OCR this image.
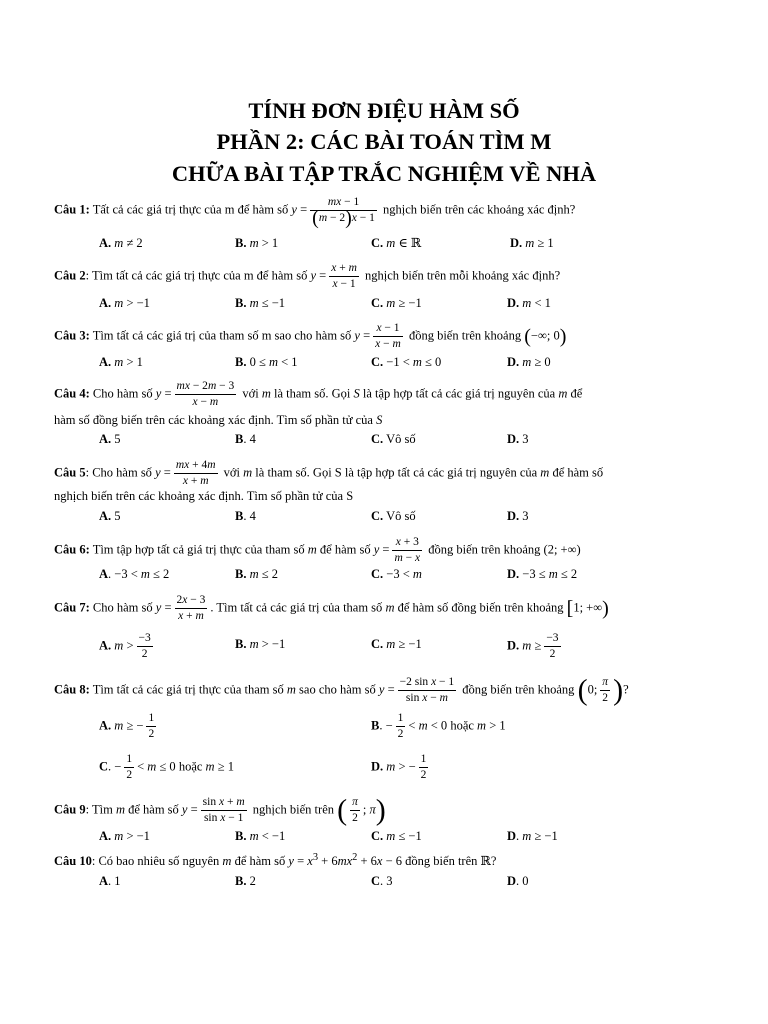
TÍNH ĐƠN ĐIỆU HÀM SỐ
PHẦN 2: CÁC BÀI TOÁN TÌM M
CHỮA BÀI TẬP TRẮC NGHIỆM VỀ NHÀ
Câu 1: Tất cả các giá trị thực của m để hàm số $y = \frac{mx - 1}{(m - 2)x - 1}$ nghịch biến trên các khoảng xác định?
A. m ≠ 2	B. m > 1	C. m ∈ ℝ	D. m ≥ 1
Câu 2: Tìm tất cả các giá trị thực của m để hàm số $y = \frac{x + m}{x - 1}$ nghịch biến trên mỗi khoảng xác định?
A. m > −1	B. m ≤ −1	C. m ≥ −1	D. m < 1
Câu 3: Tìm tất cả các giá trị của tham số m sao cho hàm số $y = \frac{x - 1}{x - m}$ đồng biến trên khoảng (−∞; 0)
A. m > 1	B. 0 ≤ m < 1	C. −1 < m ≤ 0	D. m ≥ 0
Câu 4: Cho hàm số $y = \frac{mx - 2m - 3}{x - m}$ với m là tham số. Gọi S là tập hợp tất cả các giá trị nguyên của m để
hàm số đồng biến trên các khoảng xác định. Tìm số phần tử của S
A. 5	B. 4	C. Vô số	D. 3
Câu 5: Cho hàm số $y = \frac{mx + 4m}{x + m}$ với m là tham số. Gọi S là tập hợp tất cả các giá trị nguyên của m để hàm số
nghịch biến trên các khoảng xác định. Tìm số phần tử của S
A. 5	B. 4	C. Vô số	D. 3
Câu 6: Tìm tập hợp tất cả giá trị thực của tham số m để hàm số $y = \frac{x + 3}{m - x}$ đồng biến trên khoảng (2; +∞)
A. −3 < m ≤ 2	B. m ≤ 2	C. −3 < m	D. −3 ≤ m ≤ 2
Câu 7: Cho hàm số $y = \frac{2x - 3}{x + m}$ . Tìm tất cả các giá trị của tham số m để hàm số đồng biến trên khoảng [1; +∞)
A. $m > \frac{-3}{2}$	B. m > −1	C. m ≥ −1	D. $m \ge \frac{-3}{2}$
Câu 8: Tìm tất cả các giá trị thực của tham số m sao cho hàm số $y = \frac{\text{−2 sin x − 1}}{\text{sin x − m}}$ đồng biến trên khoảng (0; $\frac{\pi}{2}$ )?
A. m ≥ − $\frac{1}{2}$	B. − $\frac{1}{2} < m < 0$ hoặc m > 1
C. − $\frac{1}{2} < m \le 0$ hoặc m ≥ 1	D. m > − $\frac{1}{2}$
Câu 9: Tìm m để hàm số $y = \frac{\text{sin x + m}}{\text{sin x − 1}}$ nghịch biến trên ( $\frac{\pi}{2}$ ; π)
A. m > −1	B. m < −1	C. m ≤ −1	D. m ≥ −1
Câu 10: Có bao nhiêu số nguyên m để hàm số $y = x^3 + 6mx^2 + 6x - 6$ đồng biến trên ℝ?
A. 1	B. 2	C. 3	D. 0
